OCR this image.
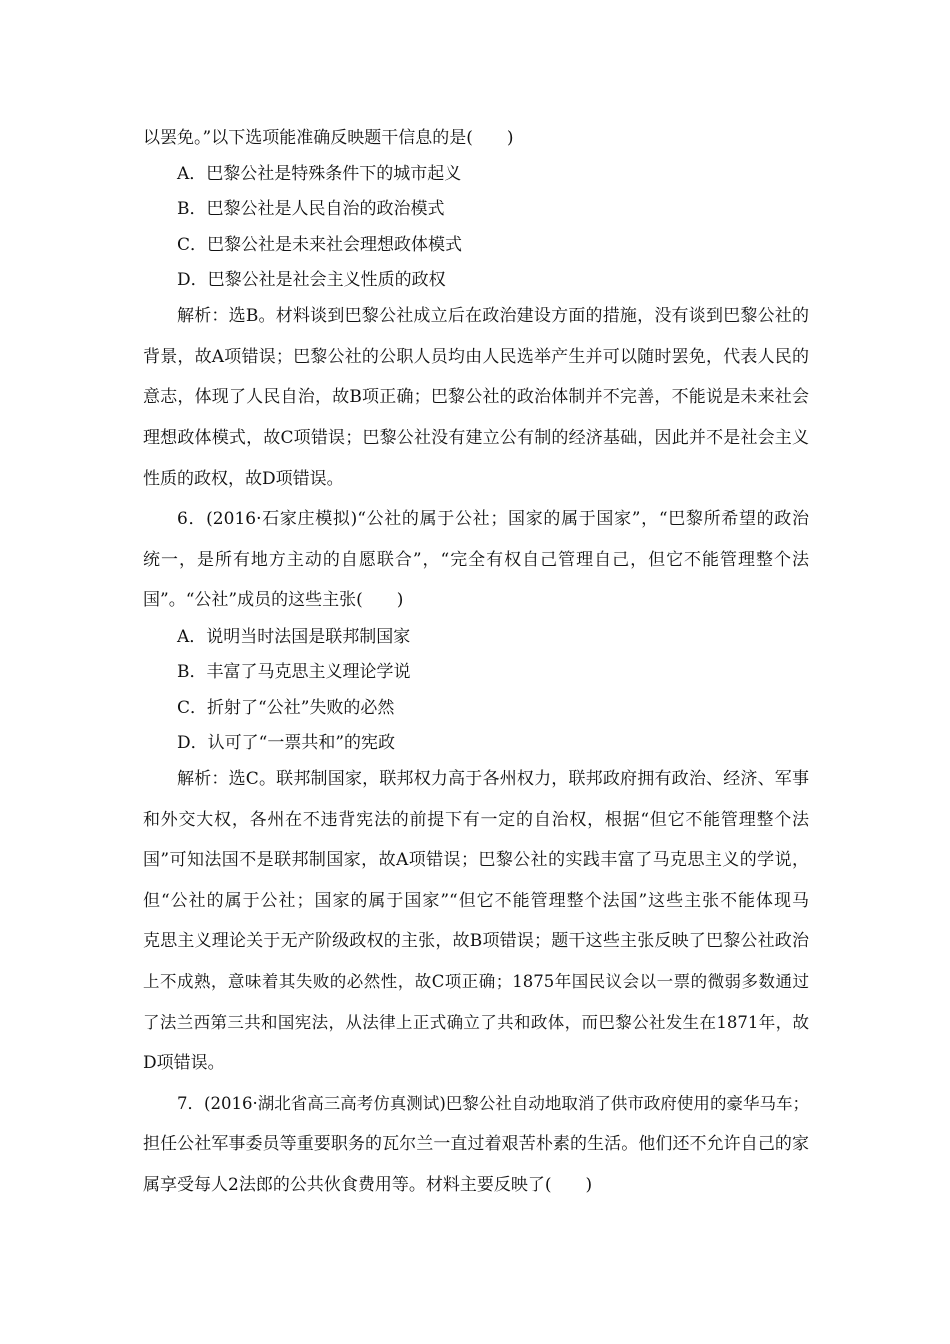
以罢免。”以下选项能准确反映题干信息的是(　　)
A．巴黎公社是特殊条件下的城市起义
B．巴黎公社是人民自治的政治模式
C．巴黎公社是未来社会理想政体模式
D．巴黎公社是社会主义性质的政权
解析：选B。材料谈到巴黎公社成立后在政治建设方面的措施，没有谈到巴黎公社的
背景，故A项错误；巴黎公社的公职人员均由人民选举产生并可以随时罢免，代表人民的
意志，体现了人民自治，故B项正确；巴黎公社的政治体制并不完善，不能说是未来社会
理想政体模式，故C项错误；巴黎公社没有建立公有制的经济基础，因此并不是社会主义
性质的政权，故D项错误。
6．(2016·石家庄模拟)“公社的属于公社；国家的属于国家”，“巴黎所希望的政治
统一，是所有地方主动的自愿联合”，“完全有权自己管理自己，但它不能管理整个法
国”。“公社”成员的这些主张(　　)
A．说明当时法国是联邦制国家
B．丰富了马克思主义理论学说
C．折射了“公社”失败的必然
D．认可了“一票共和”的宪政
解析：选C。联邦制国家，联邦权力高于各州权力，联邦政府拥有政治、经济、军事
和外交大权，各州在不违背宪法的前提下有一定的自治权，根据“但它不能管理整个法
国”可知法国不是联邦制国家，故A项错误；巴黎公社的实践丰富了马克思主义的学说，
但“公社的属于公社；国家的属于国家”“但它不能管理整个法国”这些主张不能体现马
克思主义理论关于无产阶级政权的主张，故B项错误；题干这些主张反映了巴黎公社政治
上不成熟，意味着其失败的必然性，故C项正确；1875年国民议会以一票的微弱多数通过
了法兰西第三共和国宪法，从法律上正式确立了共和政体，而巴黎公社发生在1871年，故
D项错误。
7．(2016·湖北省高三高考仿真测试)巴黎公社自动地取消了供市政府使用的豪华马车；
担任公社军事委员等重要职务的瓦尔兰一直过着艰苦朴素的生活。他们还不允许自己的家
属享受每人2法郎的公共伙食费用等。材料主要反映了(　　)
